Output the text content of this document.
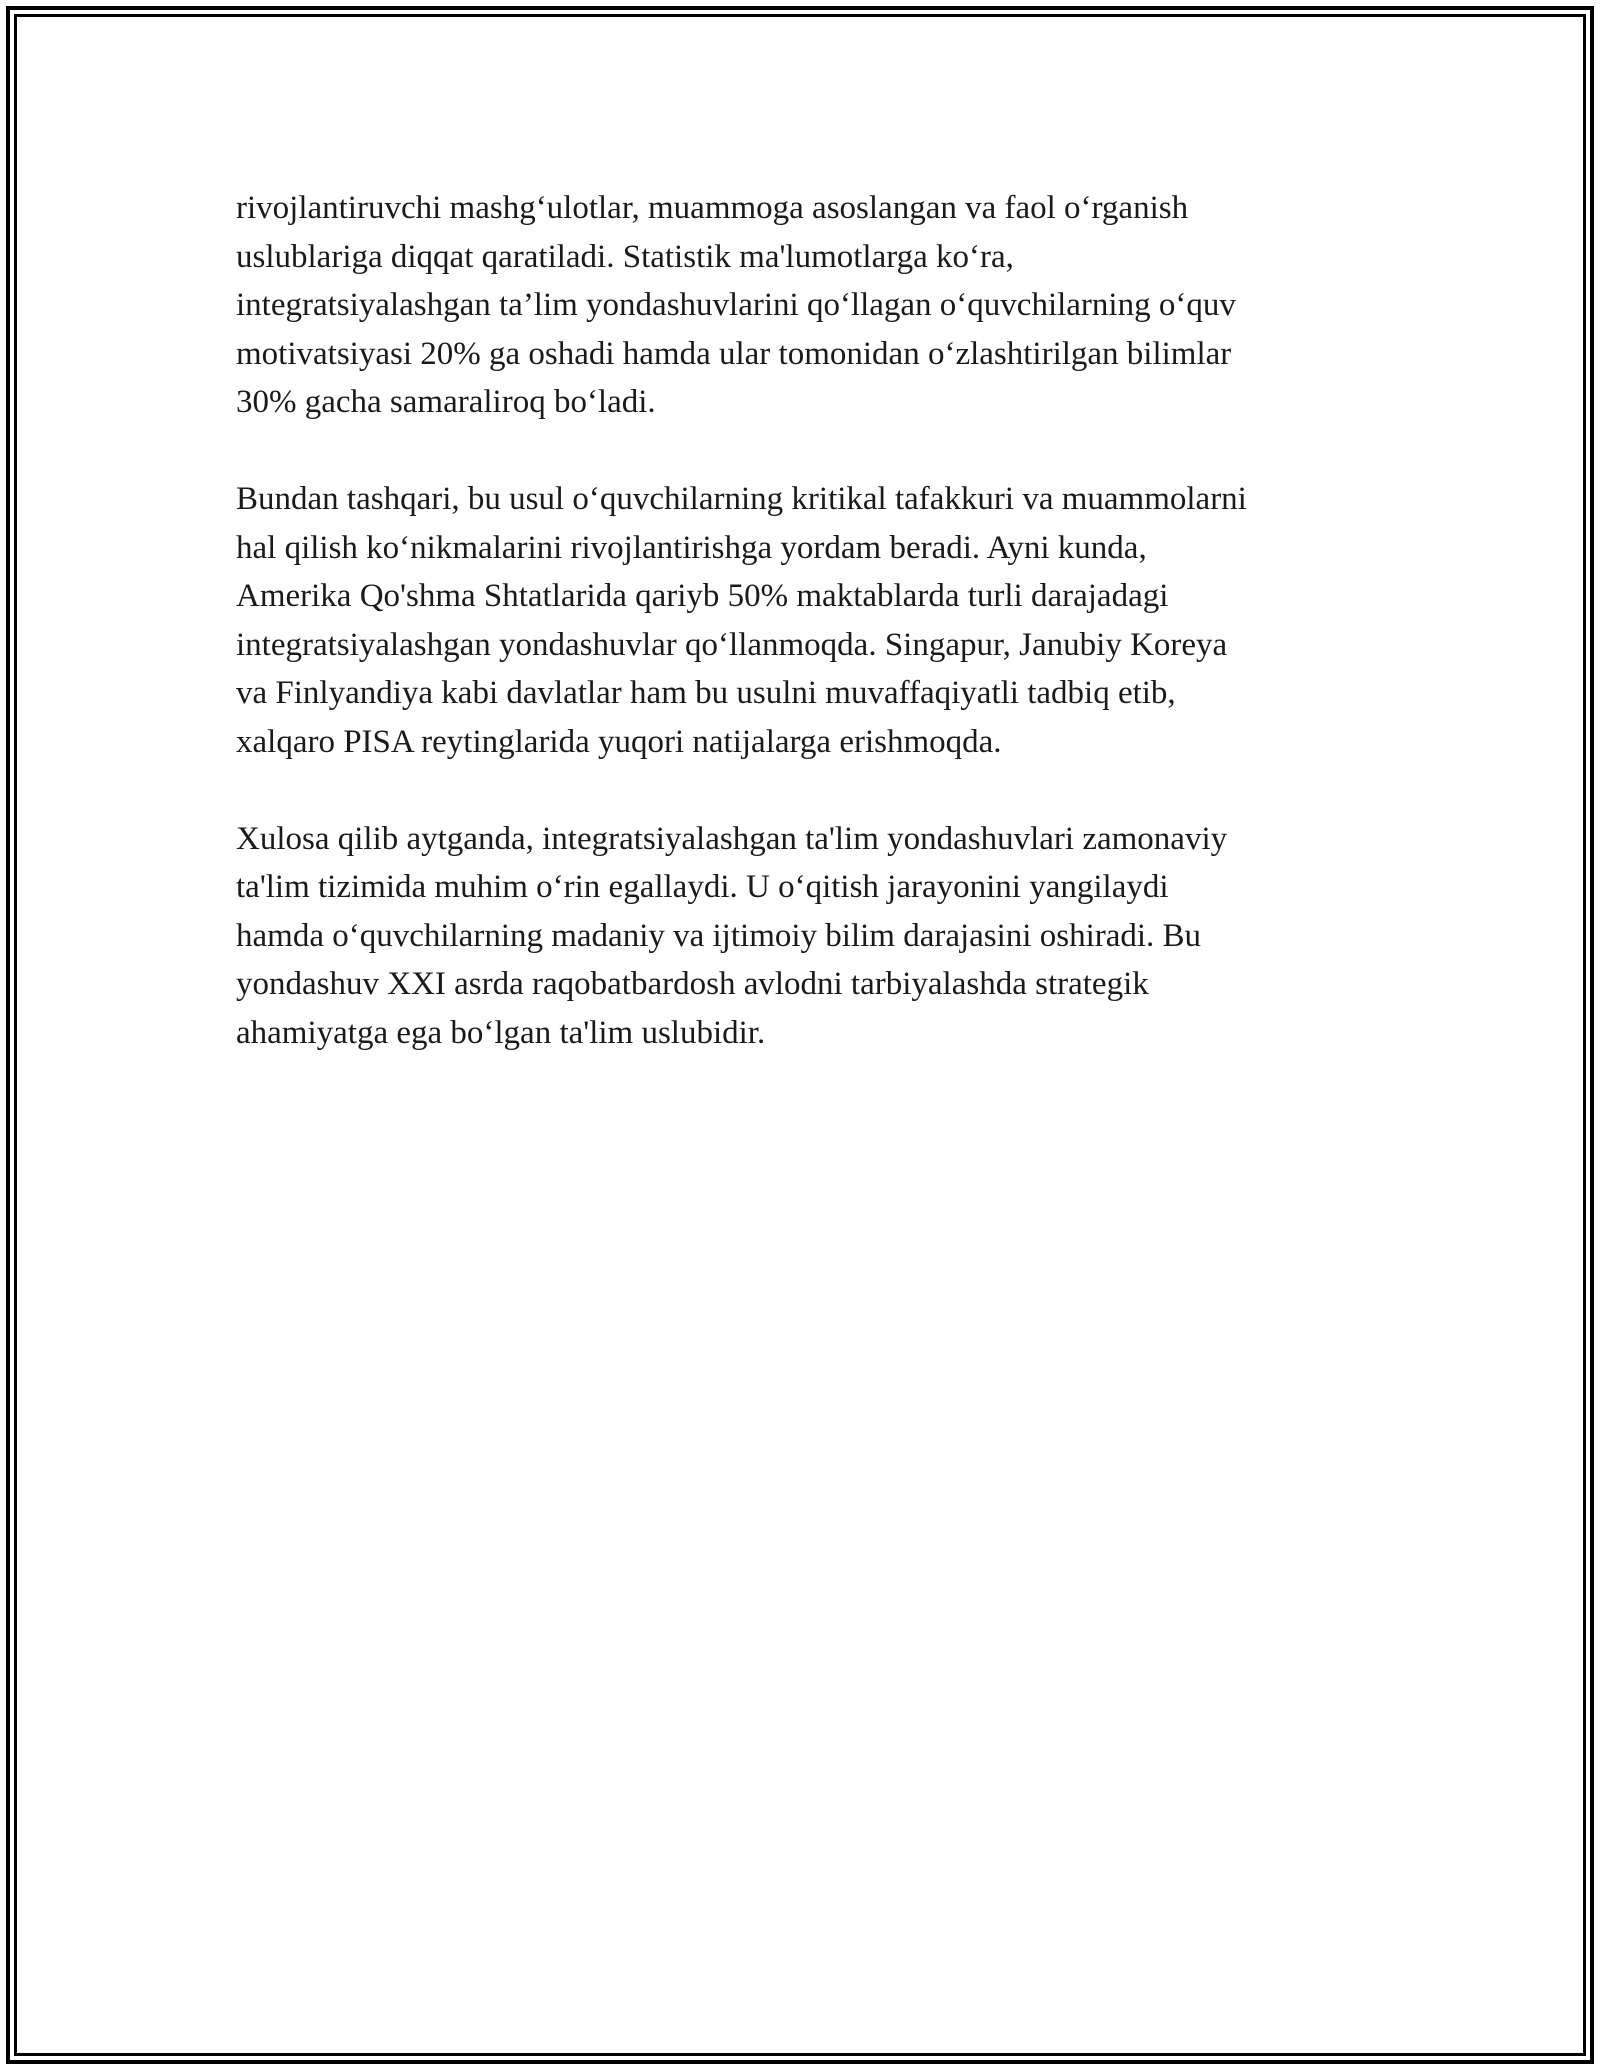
rivojlantiruvchi mashg‘ulotlar, muammoga asoslangan va faol o‘rganish
uslublariga diqqat qaratiladi. Statistik ma'lumotlarga ko‘ra,
integratsiyalashgan ta’lim yondashuvlarini qo‘llagan o‘quvchilarning o‘quv
motivatsiyasi 20% ga oshadi hamda ular tomonidan o‘zlashtirilgan bilimlar
30% gacha samaraliroq bo‘ladi.

Bundan tashqari, bu usul o‘quvchilarning kritikal tafakkuri va muammolarni
hal qilish ko‘nikmalarini rivojlantirishga yordam beradi. Ayni kunda,
Amerika Qo'shma Shtatlarida qariyb 50% maktablarda turli darajadagi
integratsiyalashgan yondashuvlar qo‘llanmoqda. Singapur, Janubiy Koreya
va Finlyandiya kabi davlatlar ham bu usulni muvaffaqiyatli tadbiq etib,
xalqaro PISA reytinglarida yuqori natijalarga erishmoqda.

Xulosa qilib aytganda, integratsiyalashgan ta'lim yondashuvlari zamonaviy
ta'lim tizimida muhim o‘rin egallaydi. U o‘qitish jarayonini yangilaydi
hamda o‘quvchilarning madaniy va ijtimoiy bilim darajasini oshiradi. Bu
yondashuv XXI asrda raqobatbardosh avlodni tarbiyalashda strategik
ahamiyatga ega bo‘lgan ta'lim uslubidir.
